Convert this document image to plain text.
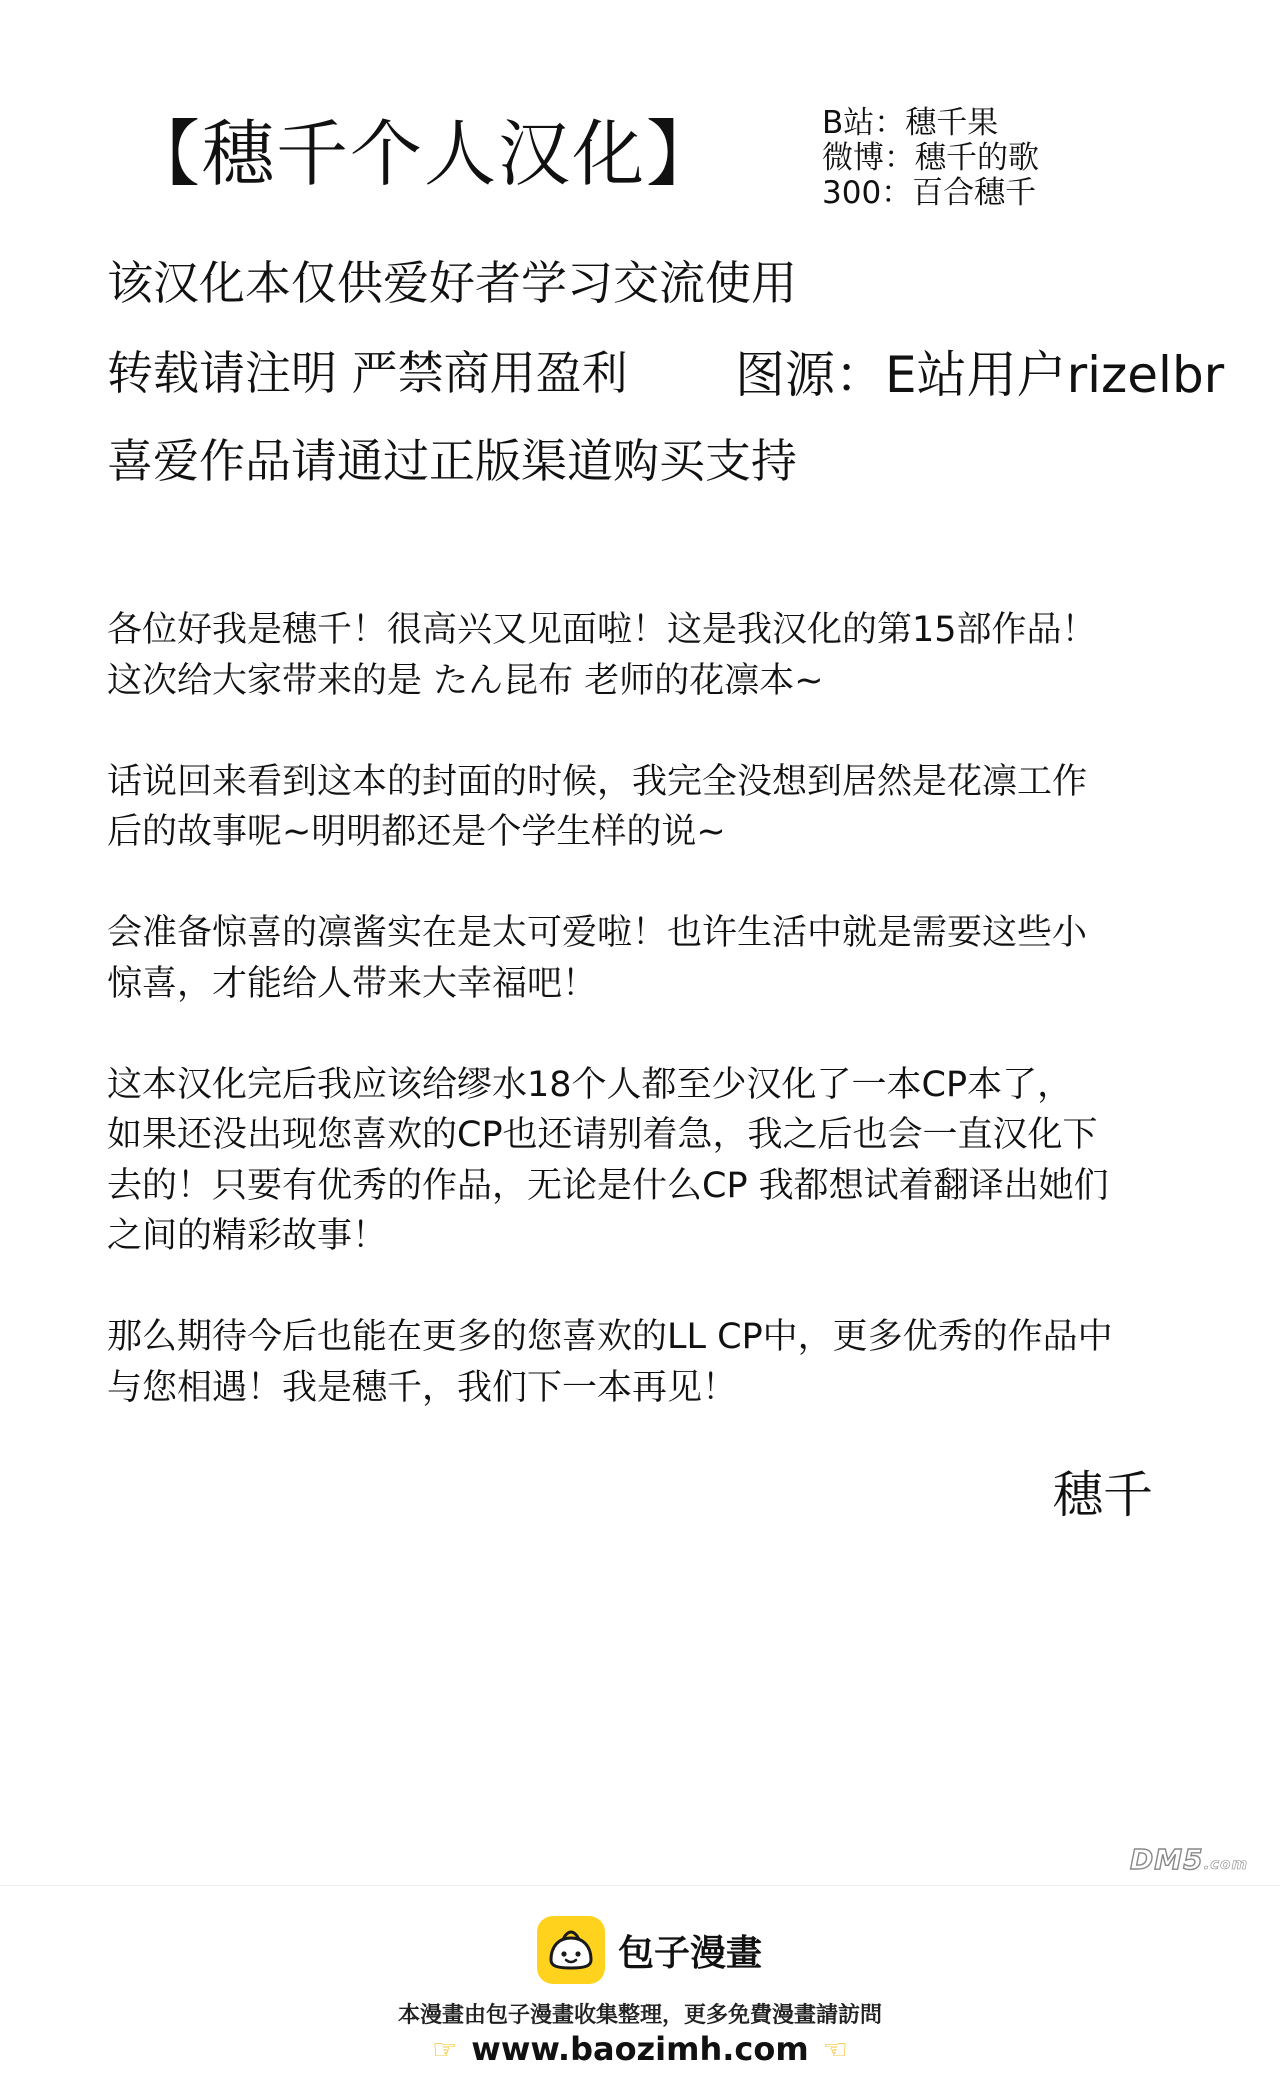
【穗千个人汉化】	B站：穗千果
微博：穗千的歌
300：百合穗千
该汉化本仅供爱好者学习交流使用
转载请注明 严禁商用盈利 图源：E站用户rizelbr
喜爱作品请通过正版渠道购买支持

各位好我是穗千！很高兴又见面啦！这是我汉化的第15部作品！
这次给大家带来的是 たん昆布 老师的花凛本~

话说回来看到这本的封面的时候，我完全没想到居然是花凛工作
后的故事呢~明明都还是个学生样的说~

会准备惊喜的凛酱实在是太可爱啦！也许生活中就是需要这些小
惊喜，才能给人带来大幸福吧！

这本汉化完后我应该给缪水18个人都至少汉化了一本CP本了，
如果还没出现您喜欢的CP也还请别着急，我之后也会一直汉化下
去的！只要有优秀的作品，无论是什么CP 我都想试着翻译出她们
之间的精彩故事！

那么期待今后也能在更多的您喜欢的LL CP中，更多优秀的作品中
与您相遇！我是穗千，我们下一本再见！

穗千
DM5.com
包子漫畫
本漫畫由包子漫畫收集整理，更多免費漫畫請訪問
☞ www.baozimh.com ☜
